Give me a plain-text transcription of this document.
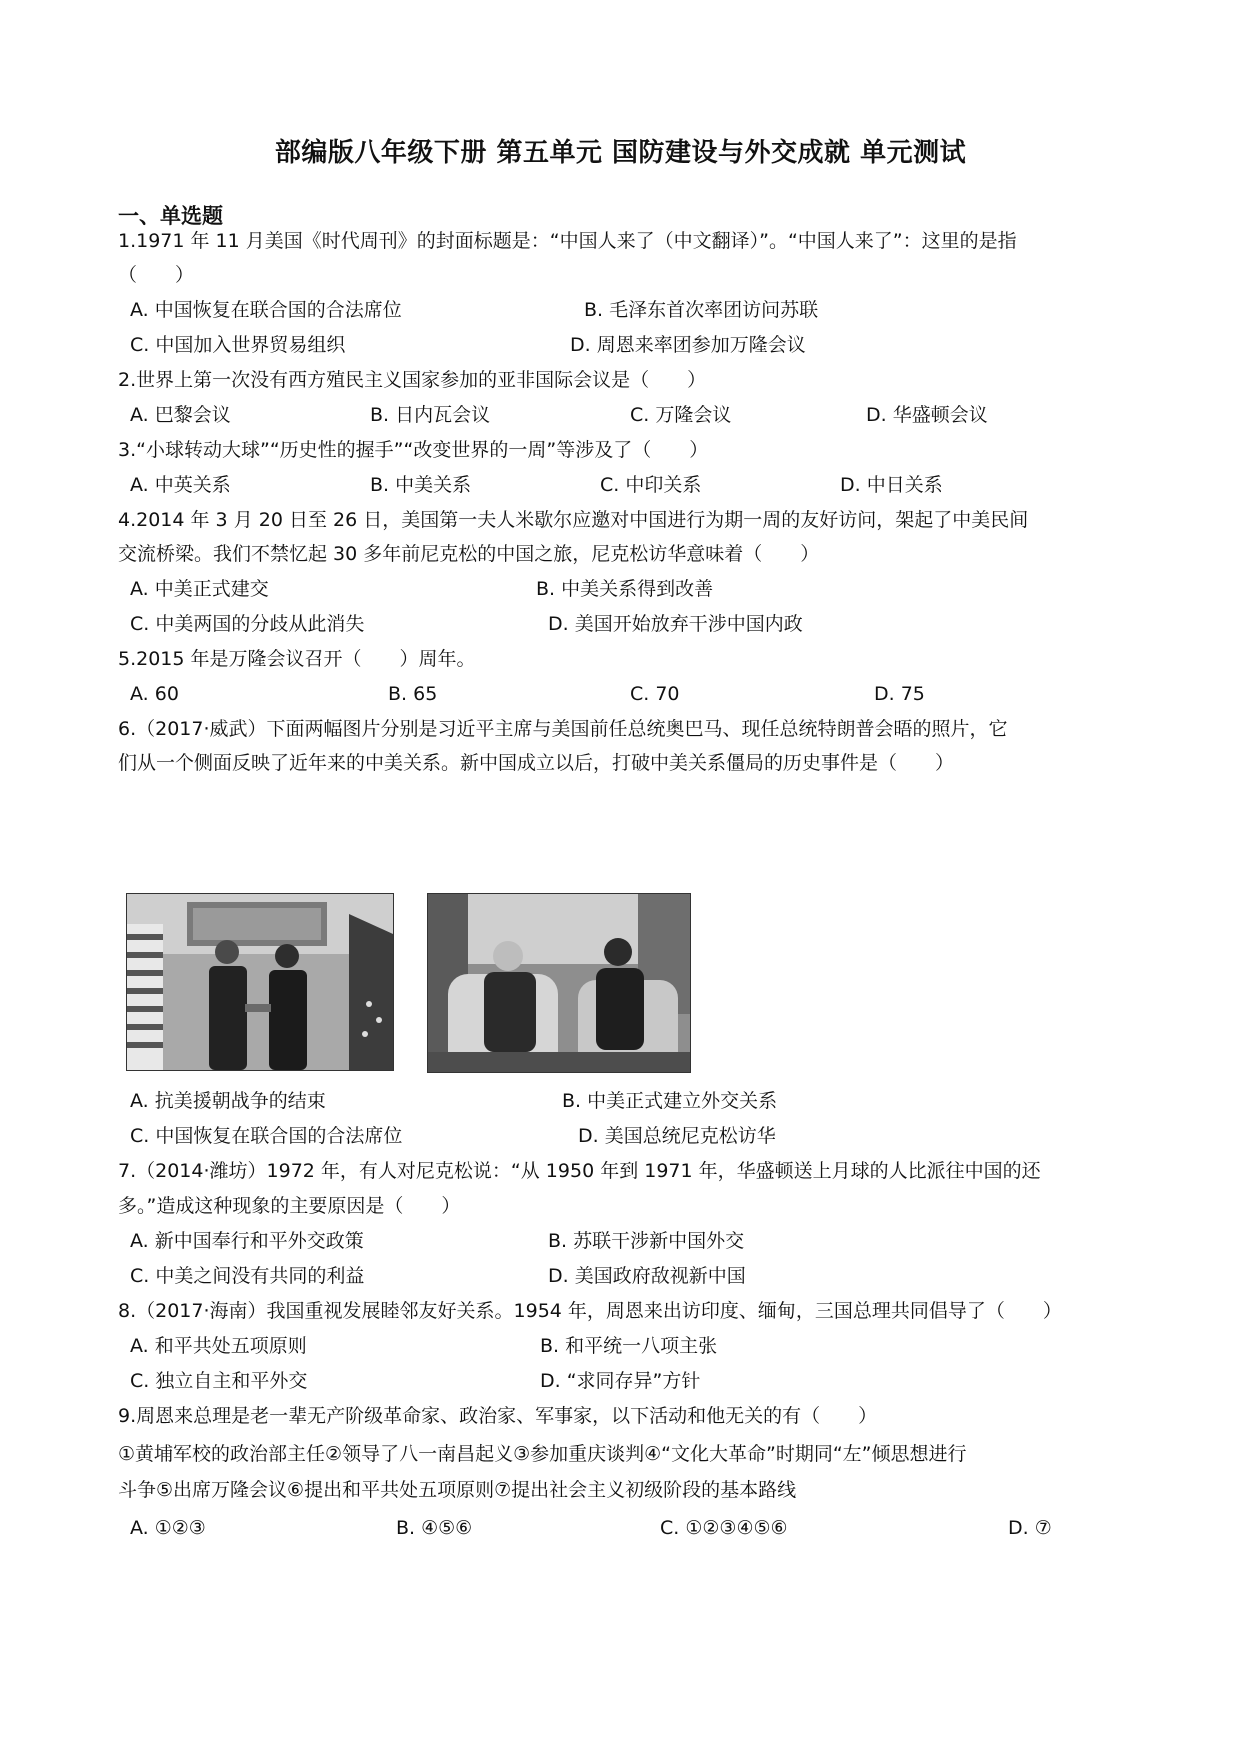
部编版八年级下册 第五单元 国防建设与外交成就 单元测试
一、单选题
1.1971 年 11 月美国《时代周刊》的封面标题是：“中国人来了（中文翻译）”。“中国人来了”：这里的是指
（　　）
A. 中国恢复在联合国的合法席位	B. 毛泽东首次率团访问苏联
C. 中国加入世界贸易组织	D. 周恩来率团参加万隆会议
2.世界上第一次没有西方殖民主义国家参加的亚非国际会议是（　　）
A. 巴黎会议	B. 日内瓦会议	C. 万隆会议	D. 华盛顿会议
3.“小球转动大球”“历史性的握手”“改变世界的一周”等涉及了（　　）
A. 中英关系	B. 中美关系	C. 中印关系	D. 中日关系
4.2014 年 3 月 20 日至 26 日，美国第一夫人米歇尔应邀对中国进行为期一周的友好访问，架起了中美民间
交流桥梁。我们不禁忆起 30 多年前尼克松的中国之旅，尼克松访华意味着（　　）
A. 中美正式建交	B. 中美关系得到改善
C. 中美两国的分歧从此消失	D. 美国开始放弃干涉中国内政
5.2015 年是万隆会议召开（　　）周年。
A. 60	B. 65	C. 70	D. 75
6.（2017·威武）下面两幅图片分别是习近平主席与美国前任总统奥巴马、现任总统特朗普会晤的照片，它
们从一个侧面反映了近年来的中美关系。新中国成立以后，打破中美关系僵局的历史事件是（　　）
A. 抗美援朝战争的结束	B. 中美正式建立外交关系
C. 中国恢复在联合国的合法席位	D. 美国总统尼克松访华
7.（2014·潍坊）1972 年，有人对尼克松说：“从 1950 年到 1971 年，华盛顿送上月球的人比派往中国的还
多。”造成这种现象的主要原因是（　　）
A. 新中国奉行和平外交政策	B. 苏联干涉新中国外交
C. 中美之间没有共同的利益	D. 美国政府敌视新中国
8.（2017·海南）我国重视发展睦邻友好关系。1954 年，周恩来出访印度、缅甸，三国总理共同倡导了（　　）
A. 和平共处五项原则	B. 和平统一八项主张
C. 独立自主和平外交	D. “求同存异”方针
9.周恩来总理是老一辈无产阶级革命家、政治家、军事家，以下活动和他无关的有（　　）
①黄埔军校的政治部主任②领导了八一南昌起义③参加重庆谈判④“文化大革命”时期同“左”倾思想进行
斗争⑤出席万隆会议⑥提出和平共处五项原则⑦提出社会主义初级阶段的基本路线
A. ①②③	B. ④⑤⑥	C. ①②③④⑤⑥	D. ⑦
